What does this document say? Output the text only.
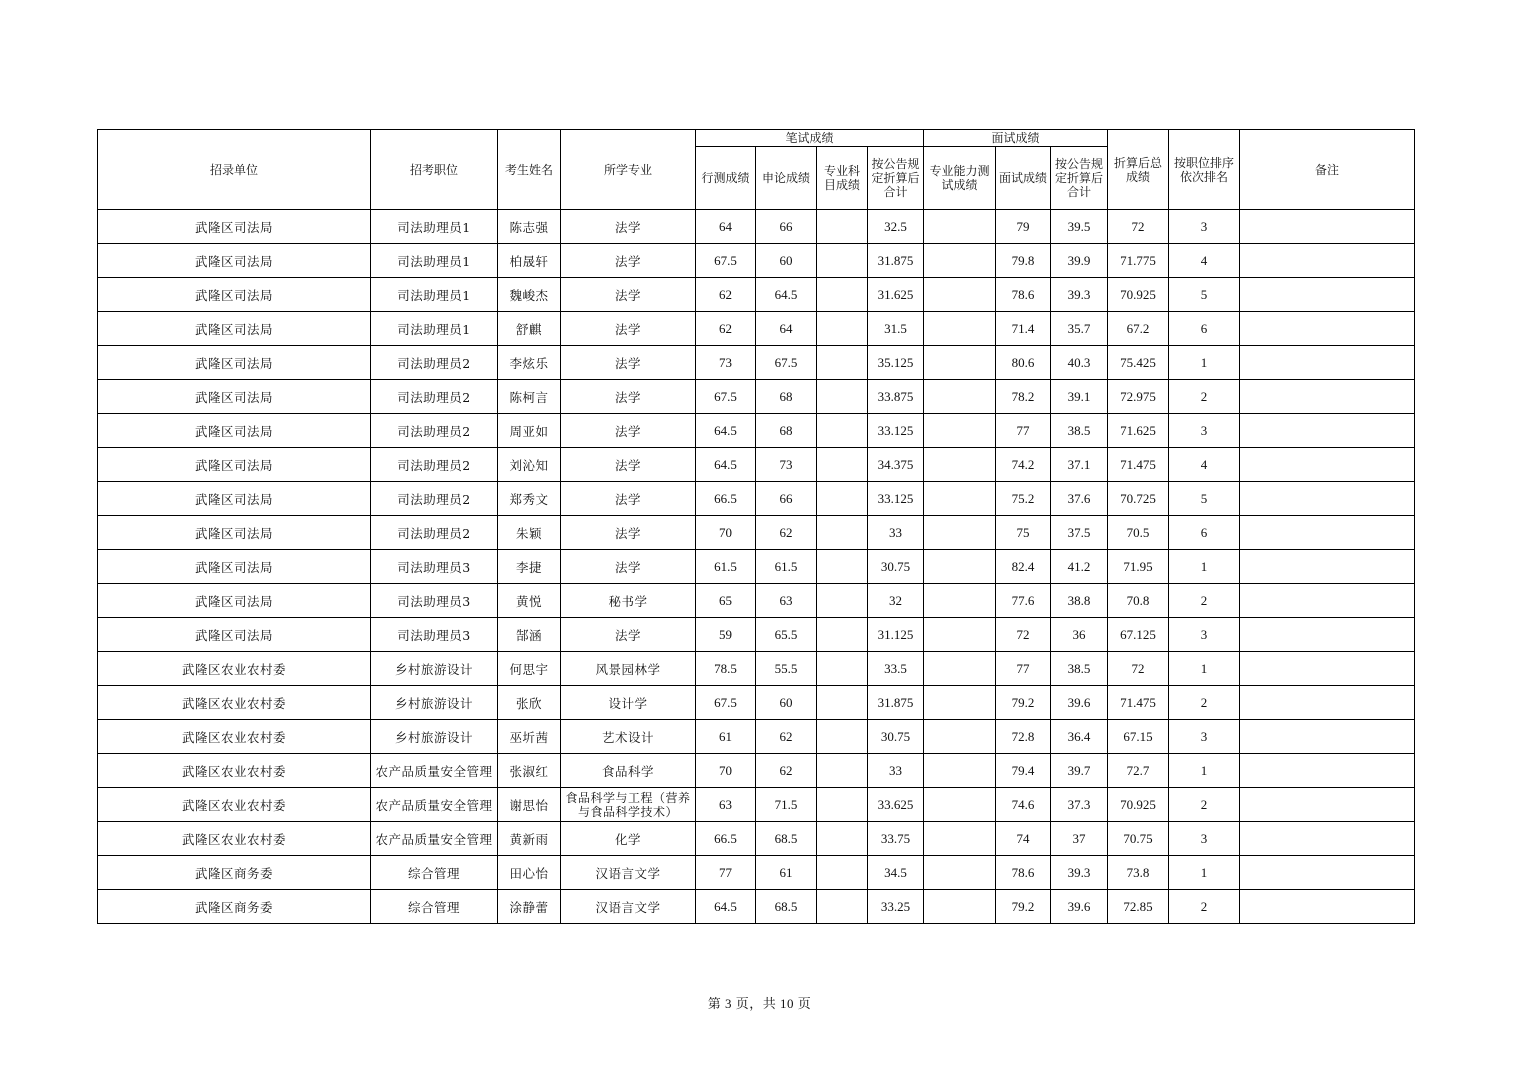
招录单位	招考职位	考生姓名	所学专业	笔试成绩				面试成绩			折算后总成绩	按职位排序依次排名	备注
				行测成绩	申论成绩	专业科目成绩	按公告规定折算后合计	专业能力测试成绩	面试成绩	按公告规定折算后合计			
武隆区司法局	司法助理员1	陈志强	法学	64	66		32.5		79	39.5	72	3	
武隆区司法局	司法助理员1	柏晟轩	法学	67.5	60		31.875		79.8	39.9	71.775	4	
武隆区司法局	司法助理员1	魏峻杰	法学	62	64.5		31.625		78.6	39.3	70.925	5	
武隆区司法局	司法助理员1	舒麒	法学	62	64		31.5		71.4	35.7	67.2	6	
武隆区司法局	司法助理员2	李炫乐	法学	73	67.5		35.125		80.6	40.3	75.425	1	
武隆区司法局	司法助理员2	陈柯言	法学	67.5	68		33.875		78.2	39.1	72.975	2	
武隆区司法局	司法助理员2	周亚如	法学	64.5	68		33.125		77	38.5	71.625	3	
武隆区司法局	司法助理员2	刘沁知	法学	64.5	73		34.375		74.2	37.1	71.475	4	
武隆区司法局	司法助理员2	郑秀文	法学	66.5	66		33.125		75.2	37.6	70.725	5	
武隆区司法局	司法助理员2	朱颖	法学	70	62		33		75	37.5	70.5	6	
武隆区司法局	司法助理员3	李捷	法学	61.5	61.5		30.75		82.4	41.2	71.95	1	
武隆区司法局	司法助理员3	黄悦	秘书学	65	63		32		77.6	38.8	70.8	2	
武隆区司法局	司法助理员3	郜涵	法学	59	65.5		31.125		72	36	67.125	3	
武隆区农业农村委	乡村旅游设计	何思宇	风景园林学	78.5	55.5		33.5		77	38.5	72	1	
武隆区农业农村委	乡村旅游设计	张欣	设计学	67.5	60		31.875		79.2	39.6	71.475	2	
武隆区农业农村委	乡村旅游设计	巫圻茜	艺术设计	61	62		30.75		72.8	36.4	67.15	3	
武隆区农业农村委	农产品质量安全管理	张淑红	食品科学	70	62		33		79.4	39.7	72.7	1	
武隆区农业农村委	农产品质量安全管理	谢思怡	食品科学与工程（营养与食品科学技术）	63	71.5		33.625		74.6	37.3	70.925	2	
武隆区农业农村委	农产品质量安全管理	黄新雨	化学	66.5	68.5		33.75		74	37	70.75	3	
武隆区商务委	综合管理	田心怡	汉语言文学	77	61		34.5		78.6	39.3	73.8	1	
武隆区商务委	综合管理	涂静蕾	汉语言文学	64.5	68.5		33.25		79.2	39.6	72.85	2	
第 3 页，共 10 页
